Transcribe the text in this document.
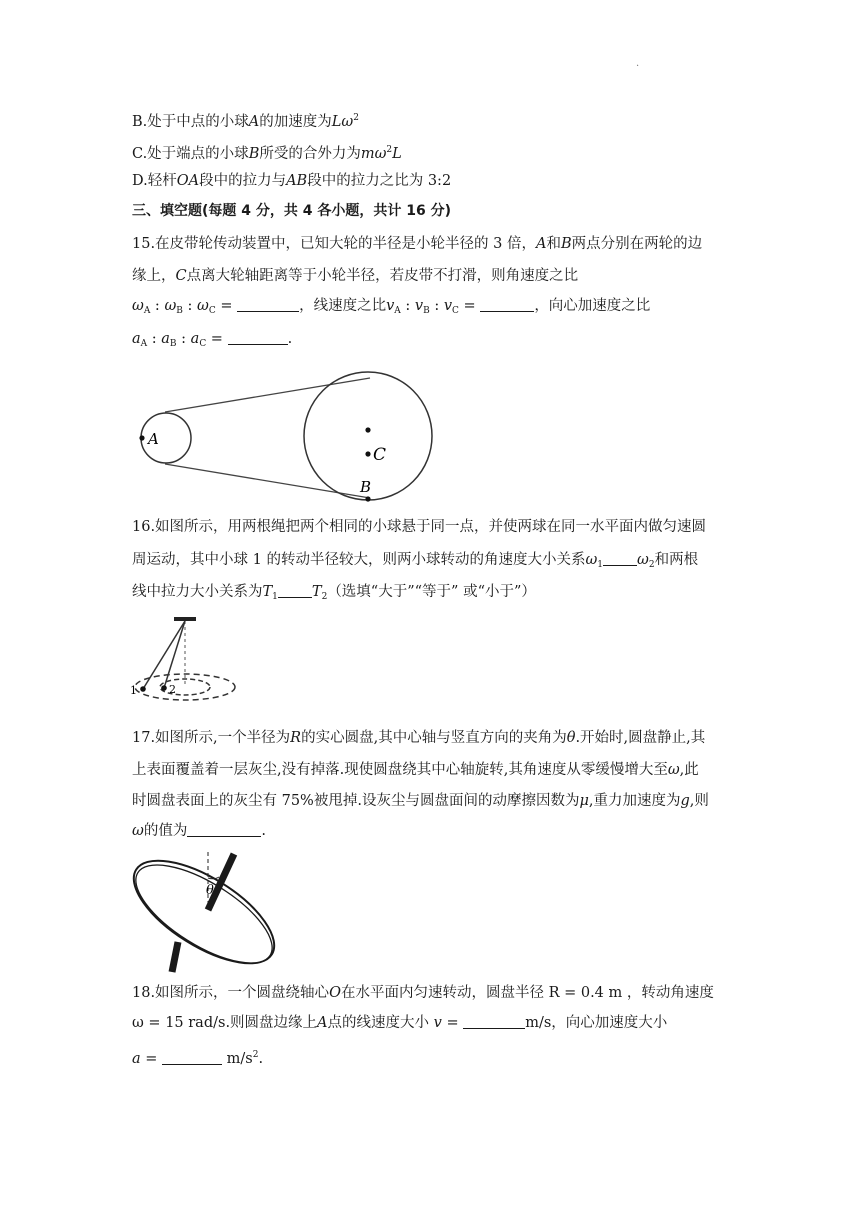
.
B.处于中点的小球A的加速度为$L\omega^2$
C.处于端点的小球B所受的合外力为$m\omega^2L$
D.轻杆OA段中的拉力与AB段中的拉力之比为 3:2
三、填空题(每题 4 分，共 4 各小题，共计 16 分)
15.在皮带轮传动装置中，已知大轮的半径是小轮半径的 3 倍，A和B两点分别在两轮的边
缘上，C点离大轮轴距离等于小轮半径，若皮带不打滑，则角速度之比
$\omega_A$ : $\omega_B$ : $\omega_C$ =	，线速度之比$v_A$ : $v_B$ : $v_C$ =	，向心加速度之比
$a_A$ : $a_B$ : $a_C$ =	.
A
C
B
16.如图所示，用两根绳把两个相同的小球悬于同一点，并使两球在同一水平面内做匀速圆
周运动，其中小球 1 的转动半径较大，则两小球转动的角速度大小关系$\omega_1$ $\omega_2$和两根
线中拉力大小关系为$T_1$ $T_2$（选填“大于”“等于” 或“小于”）
1	2
17.如图所示,一个半径为R的实心圆盘,其中心轴与竖直方向的夹角为θ.开始时,圆盘静止,其
上表面覆盖着一层灰尘,没有掉落.现使圆盘绕其中心轴旋转,其角速度从零缓慢增大至ω,此
时圆盘表面上的灰尘有 75%被甩掉.设灰尘与圆盘面间的动摩擦因数为μ,重力加速度为g,则
ω的值为	.
θ
18.如图所示，一个圆盘绕轴心O在水平面内匀速转动，圆盘半径 R = 0.4 m ，转动角速度
ω = 15 rad/s.则圆盘边缘上A点的线速度大小 v =	m/s，向心加速度大小
a =	$m/s^2$.
